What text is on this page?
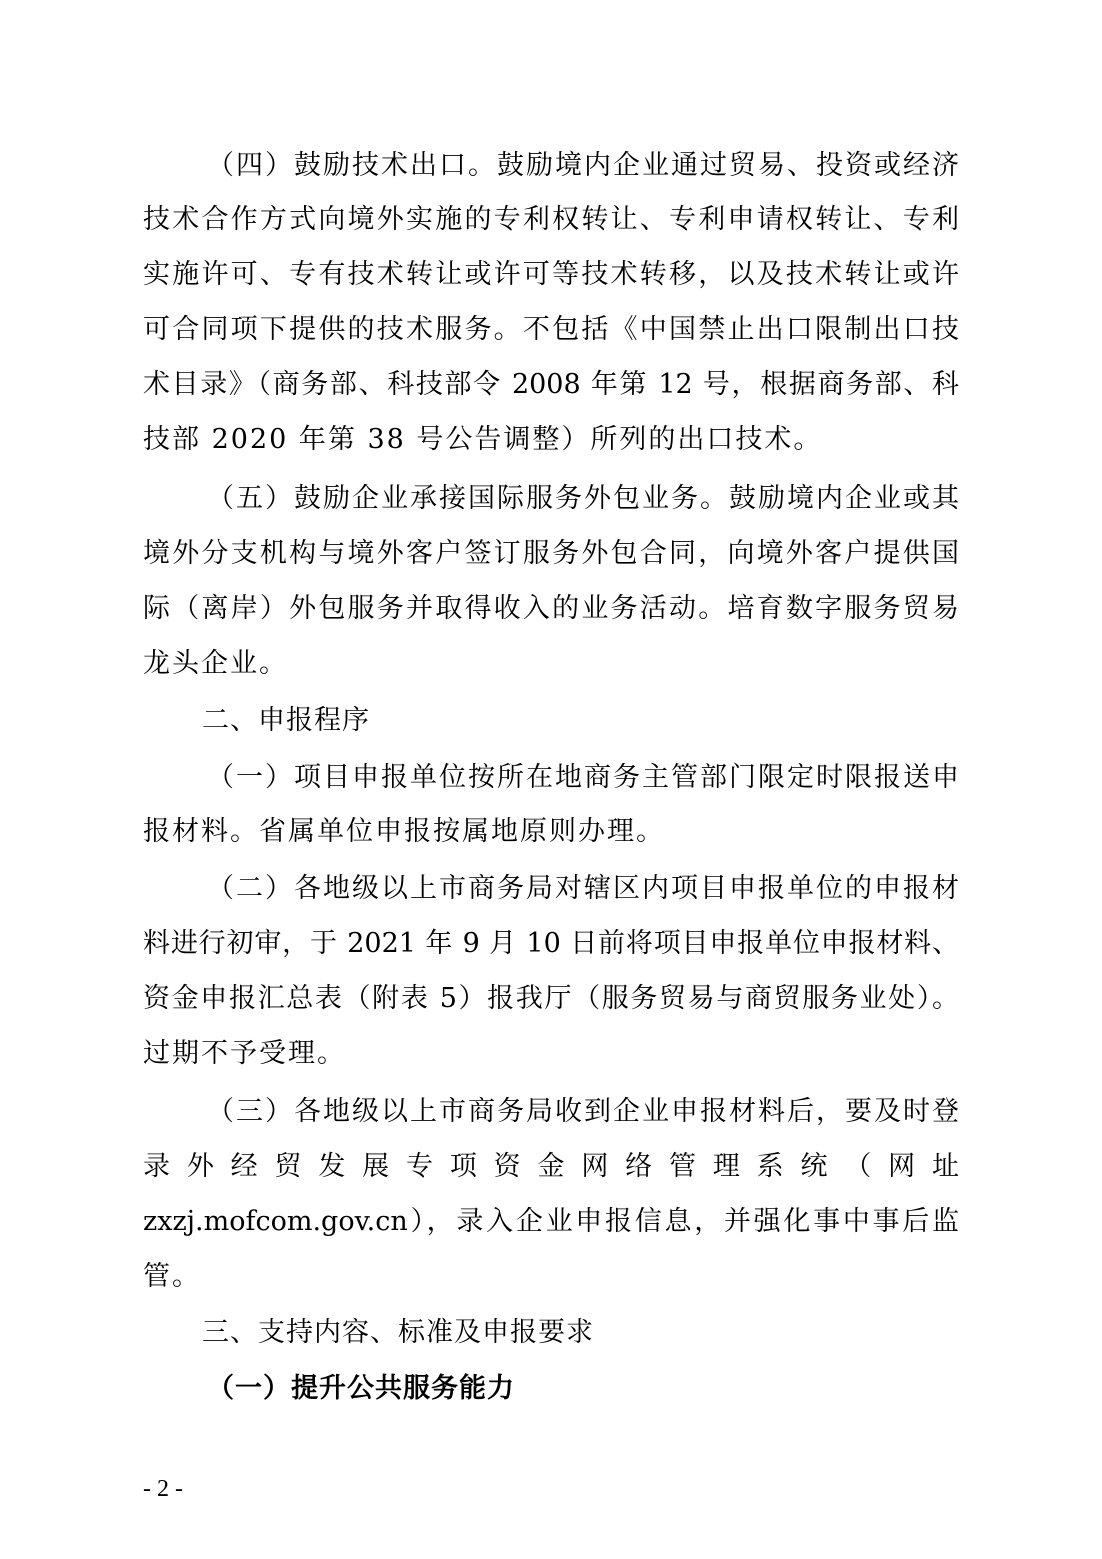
（四）鼓励技术出口。鼓励境内企业通过贸易、投资或经济
技术合作方式向境外实施的专利权转让、专利申请权转让、专利
实施许可、专有技术转让或许可等技术转移，以及技术转让或许
可合同项下提供的技术服务。不包括《中国禁止出口限制出口技
术目录》（商务部、科技部令 2008 年第 12 号，根据商务部、科
技部 2020 年第 38 号公告调整）所列的出口技术。
（五）鼓励企业承接国际服务外包业务。鼓励境内企业或其
境外分支机构与境外客户签订服务外包合同，向境外客户提供国
际（离岸）外包服务并取得收入的业务活动。培育数字服务贸易
龙头企业。
二、申报程序
（一）项目申报单位按所在地商务主管部门限定时限报送申
报材料。省属单位申报按属地原则办理。
（二）各地级以上市商务局对辖区内项目申报单位的申报材
料进行初审，于 2021 年 9 月 10 日前将项目申报单位申报材料、
资金申报汇总表（附表 5）报我厅（服务贸易与商贸服务业处）。
过期不予受理。
（三）各地级以上市商务局收到企业申报材料后，要及时登
录外经贸发展专项资金网络管理系统（网址
zxzj.mofcom.gov.cn），录入企业申报信息，并强化事中事后监
管。
三、支持内容、标准及申报要求
（一）提升公共服务能力
- 2 -
